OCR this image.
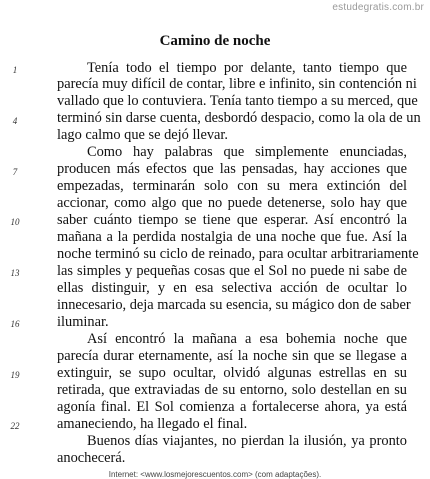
estudegratis.com.br
Camino de noche
Tenía todo el tiempo por delante, tanto tiempo que
parecía muy difícil de contar, libre e infinito, sin contención ni
vallado que lo contuviera. Tenía tanto tiempo a su merced, que
terminó sin darse cuenta, desbordó despacio, como la ola de un
lago calmo que se dejó llevar.
Como hay palabras que simplemente enunciadas,
producen más efectos que las pensadas, hay acciones que
empezadas, terminarán solo con su mera extinción del
accionar, como algo que no puede detenerse, solo hay que
saber cuánto tiempo se tiene que esperar. Así encontró la
mañana a la perdida nostalgia de una noche que fue. Así la
noche terminó su ciclo de reinado, para ocultar arbitrariamente
las simples y pequeñas cosas que el Sol no puede ni sabe de
ellas distinguir, y en esa selectiva acción de ocultar lo
innecesario, deja marcada su esencia, su mágico don de saber
iluminar.
Así encontró la mañana a esa bohemia noche que
parecía durar eternamente, así la noche sin que se llegase a
extinguir, se supo ocultar, olvidó algunas estrellas en su
retirada, que extraviadas de su entorno, solo destellan en su
agonía final. El Sol comienza a fortalecerse ahora, ya está
amaneciendo, ha llegado el final.
Buenos días viajantes, no pierdan la ilusión, ya pronto
anochecerá.
1
4
7
10
13
16
19
22
Internet: <www.losmejorescuentos.com> (com adaptações).
